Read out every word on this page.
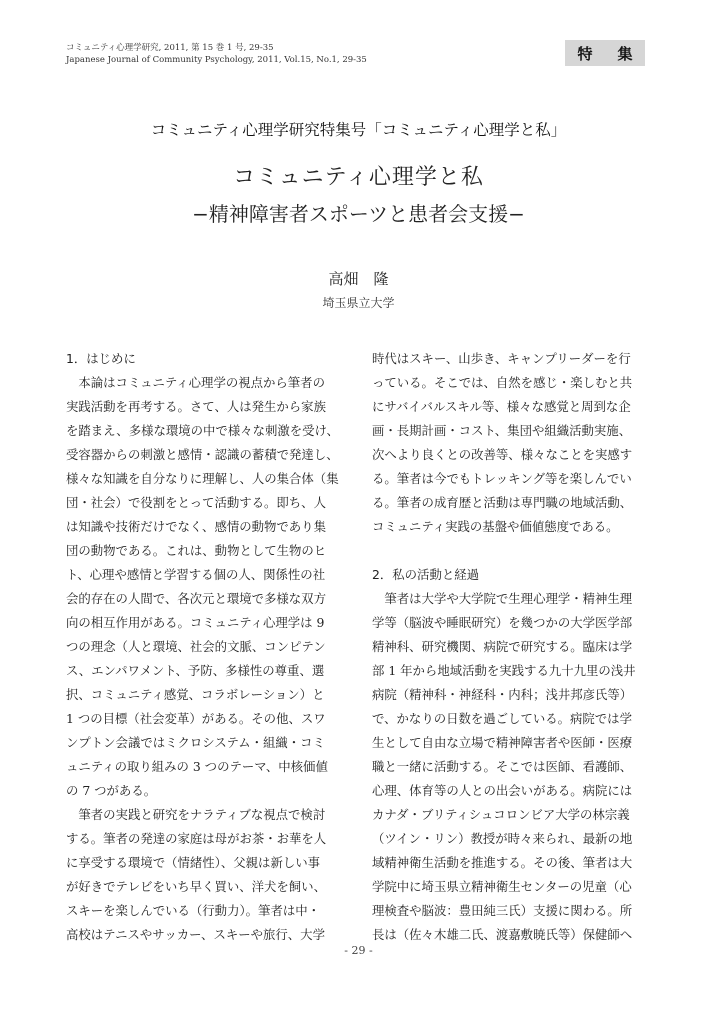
コミュニティ心理学研究, 2011, 第 15 巻 1 号, 29-35
Japanese Journal of Community Psychology, 2011, Vol.15, No.1, 29-35	特 集
コミュニティ心理学研究特集号「コミュニティ心理学と私」
コミュニティ心理学と私
−精神障害者スポーツと患者会支援−
高畑　隆
埼玉県立大学
1．はじめに
　本論はコミュニティ心理学の視点から筆者の
実践活動を再考する。さて、人は発生から家族
を踏まえ、多様な環境の中で様々な刺激を受け、
受容器からの刺激と感情・認識の蓄積で発達し、
様々な知識を自分なりに理解し、人の集合体（集
団・社会）で役割をとって活動する。即ち、人
は知識や技術だけでなく、感情の動物であり集
団の動物である。これは、動物として生物のヒ
ト、心理や感情と学習する個の人、関係性の社
会的存在の人間で、各次元と環境で多様な双方
向の相互作用がある。コミュニティ心理学は 9
つの理念（人と環境、社会的文脈、コンピテン
ス、エンパワメント、予防、多様性の尊重、選
択、コミュニティ感覚、コラボレーション）と
1 つの目標（社会変革）がある。その他、スワ
ンプトン会議ではミクロシステム・組織・コミ
ュニティの取り組みの 3 つのテーマ、中核価値
の 7 つがある。
　筆者の実践と研究をナラティブな視点で検討
する。筆者の発達の家庭は母がお茶・お華を人
に享受する環境で（情緒性）、父親は新しい事
が好きでテレビをいち早く買い、洋犬を飼い、
スキーを楽しんでいる（行動力）。筆者は中・
高校はテニスやサッカー、スキーや旅行、大学
時代はスキー、山歩き、キャンプリーダーを行
っている。そこでは、自然を感じ・楽しむと共
にサバイバルスキル等、様々な感覚と周到な企
画・長期計画・コスト、集団や組織活動実施、
次へより良くとの改善等、様々なことを実感す
る。筆者は今でもトレッキング等を楽しんでい
る。筆者の成育歴と活動は専門職の地域活動、
コミュニティ実践の基盤や価値態度である。
2．私の活動と経過
　筆者は大学や大学院で生理心理学・精神生理
学等（脳波や睡眠研究）を幾つかの大学医学部
精神科、研究機関、病院で研究する。臨床は学
部 1 年から地域活動を実践する九十九里の浅井
病院（精神科・神経科・内科；浅井邦彦氏等）
で、かなりの日数を過ごしている。病院では学
生として自由な立場で精神障害者や医師・医療
職と一緒に活動する。そこでは医師、看護師、
心理、体育等の人との出会いがある。病院には
カナダ・ブリティシュコロンビア大学の林宗義
（ツイン・リン）教授が時々来られ、最新の地
域精神衛生活動を推進する。その後、筆者は大
学院中に埼玉県立精神衛生センターの児童（心
理検査や脳波：豊田純三氏）支援に関わる。所
長は（佐々木雄二氏、渡嘉敷暁氏等）保健師へ
- 29 -
